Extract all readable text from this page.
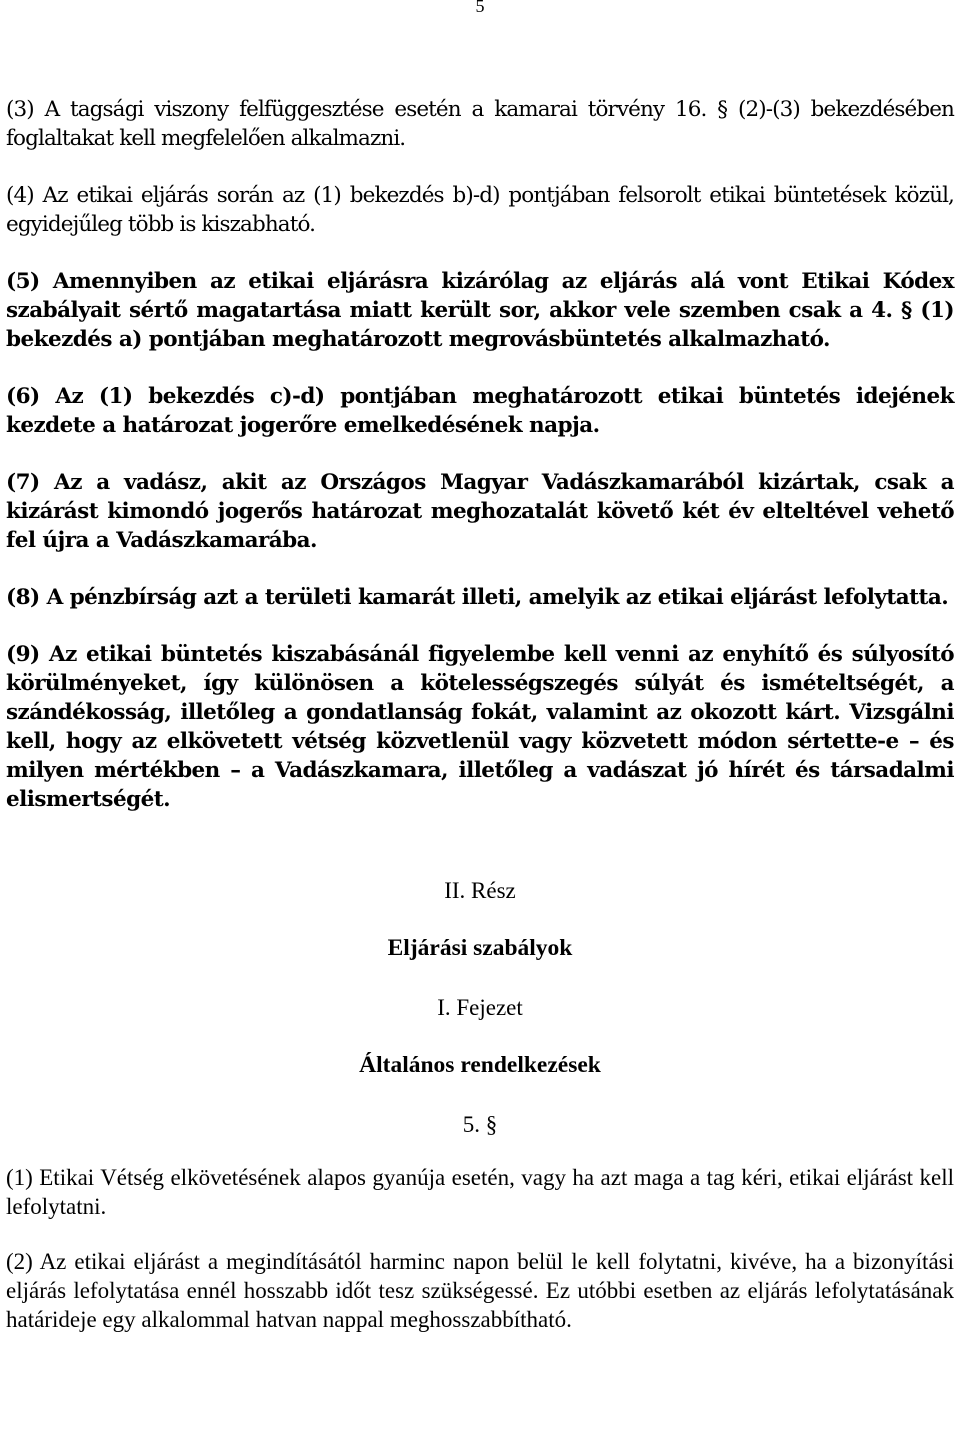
5

(3) A tagsági viszony felfüggesztése esetén a kamarai törvény 16. § (2)-(3) bekezdésében foglaltakat kell megfelelően alkalmazni.

(4) Az etikai eljárás során az (1) bekezdés b)-d) pontjában felsorolt etikai büntetések közül, egyidejűleg több is kiszabható.

(5) Amennyiben az etikai eljárásra kizárólag az eljárás alá vont Etikai Kódex szabályait sértő magatartása miatt került sor, akkor vele szemben csak a 4. § (1) bekezdés a) pontjában meghatározott megrovásbüntetés alkalmazható.

(6) Az (1) bekezdés c)-d) pontjában meghatározott etikai büntetés idejének kezdete a határozat jogerőre emelkedésének napja.

(7) Az a vadász, akit az Országos Magyar Vadászkamarából kizártak, csak a kizárást kimondó jogerős határozat meghozatalát követő két év elteltével vehető fel újra a Vadászkamarába.

(8) A pénzbírság azt a területi kamarát illeti, amelyik az etikai eljárást lefolytatta.

(9) Az etikai büntetés kiszabásánál figyelembe kell venni az enyhítő és súlyosító körülményeket, így különösen a kötelességszegés súlyát és ismételtségét, a szándékosság, illetőleg a gondatlanság fokát, valamint az okozott kárt. Vizsgálni kell, hogy az elkövetett vétség közvetlenül vagy közvetett módon sértette-e – és milyen mértékben – a Vadászkamara, illetőleg a vadászat jó hírét és társadalmi elismertségét.

II. Rész
Eljárási szabályok
I. Fejezet
Általános rendelkezések
5. §

(1) Etikai Vétség elkövetésének alapos gyanúja esetén, vagy ha azt maga a tag kéri, etikai eljárást kell lefolytatni.

(2) Az etikai eljárást a megindításától harminc napon belül le kell folytatni, kivéve, ha a bizonyítási eljárás lefolytatása ennél hosszabb időt tesz szükségessé. Ez utóbbi esetben az eljárás lefolytatásának határideje egy alkalommal hatvan nappal meghosszabbítható.
